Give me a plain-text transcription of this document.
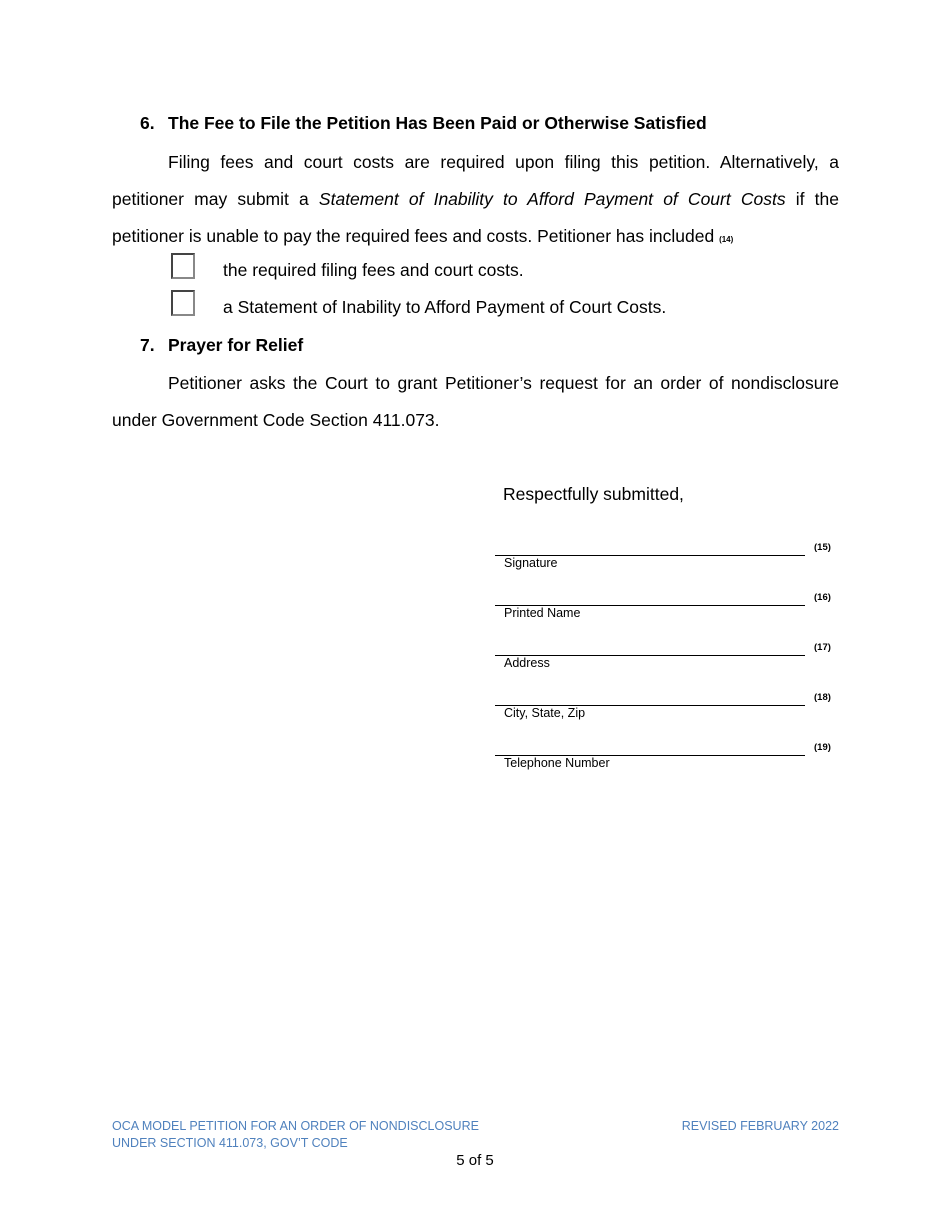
6. The Fee to File the Petition Has Been Paid or Otherwise Satisfied
Filing fees and court costs are required upon filing this petition. Alternatively, a
petitioner may submit a Statement of Inability to Afford Payment of Court Costs if the
petitioner is unable to pay the required fees and costs. Petitioner has included (14)
the required filing fees and court costs.
a Statement of Inability to Afford Payment of Court Costs.
7. Prayer for Relief
Petitioner asks the Court to grant Petitioner’s request for an order of nondisclosure
under Government Code Section 411.073.
Respectfully submitted,
(15)
Signature
(16)
Printed Name
(17)
Address
(18)
City, State, Zip
(19)
Telephone Number
OCA MODEL PETITION FOR AN ORDER OF NONDISCLOSURE
UNDER SECTION 411.073, GOV’T CODE
REVISED FEBRUARY 2022
5 of 5
